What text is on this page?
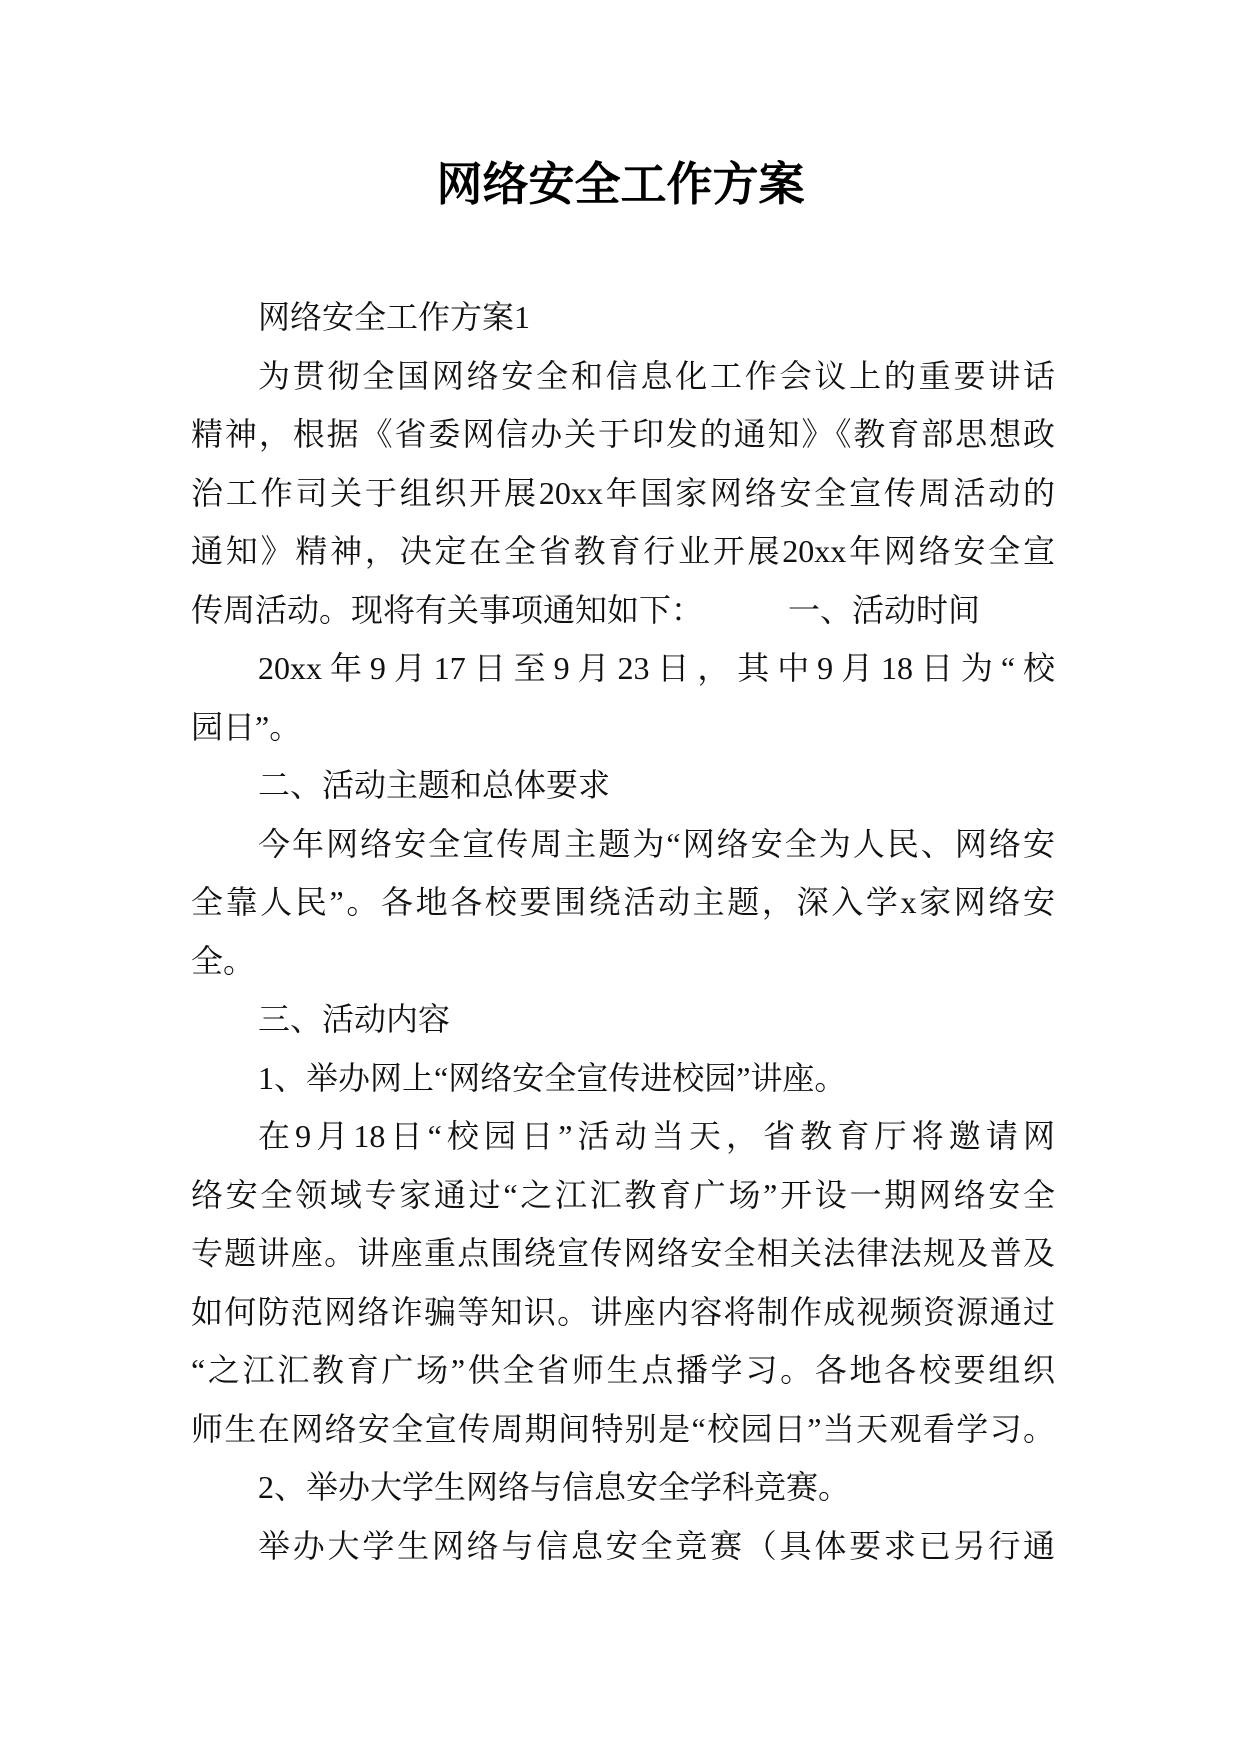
网络安全工作方案
网络安全工作方案1
为贯彻全国网络安全和信息化工作会议上的重要讲话
精神，根据《省委网信办关于印发的通知》《教育部思想政
治工作司关于组织开展20xx年国家网络安全宣传周活动的
通知》精神，决定在全省教育行业开展20xx年网络安全宣
传周活动。现将有关事项通知如下：	一、活动时间
20xx年9月17日至9月23日，其中9月18日为“校
园日”。
二、活动主题和总体要求
今年网络安全宣传周主题为“网络安全为人民、网络安
全靠人民”。各地各校要围绕活动主题，深入学x家网络安
全。
三、活动内容
1、举办网上“网络安全宣传进校园”讲座。
在9月18日“校园日”活动当天，省教育厅将邀请网
络安全领域专家通过“之江汇教育广场”开设一期网络安全
专题讲座。讲座重点围绕宣传网络安全相关法律法规及普及
如何防范网络诈骗等知识。讲座内容将制作成视频资源通过
“之江汇教育广场”供全省师生点播学习。各地各校要组织
师生在网络安全宣传周期间特别是“校园日”当天观看学习。
2、举办大学生网络与信息安全学科竞赛。
举办大学生网络与信息安全竞赛（具体要求已另行通
